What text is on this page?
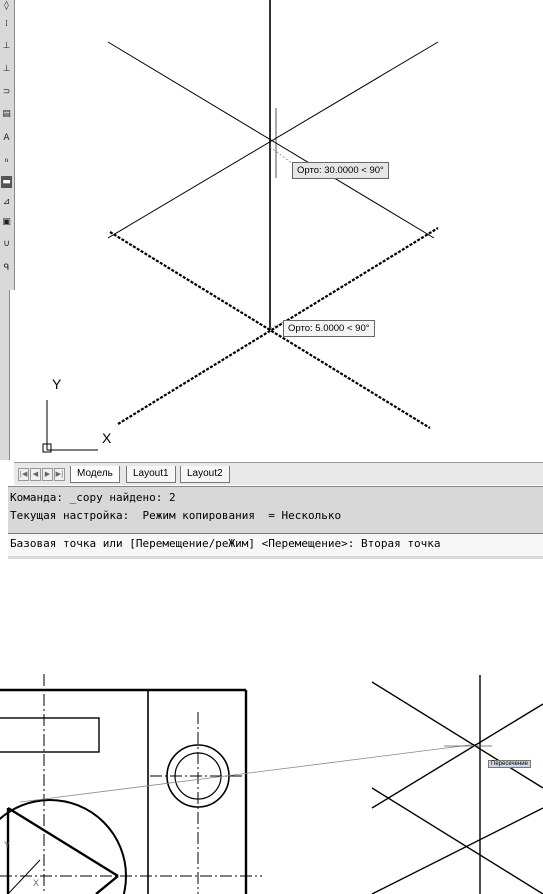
◊
⁞
⊥
⊥
⊃
▤
A
ℴ
▬
⊿
▣
∪
ᑫ
Y
X
Орто: 30.0000 < 90°
Орто: 5.0000 < 90°
|◀ ◀ ▶ ▶|	Модель	Layout1	Layout2
Команда: _copy найдено: 2
Текущая настройка:  Режим копирования  = Несколько
Базовая точка или [Перемещение/реЖим] <Перемещение>: Вторая точка
Y
X
Пересечение
